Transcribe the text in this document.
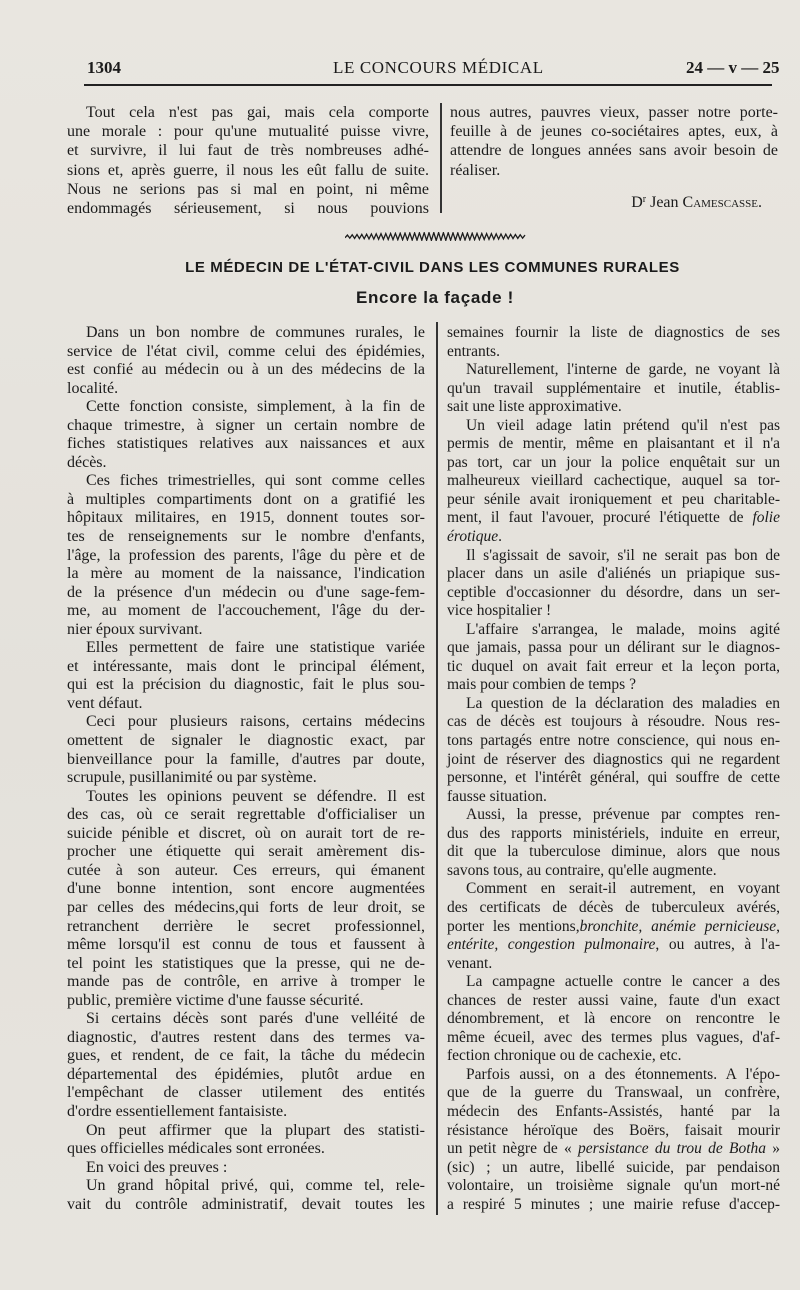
1304	LE CONCOURS MÉDICAL	24 — v — 25
Tout cela n'est pas gai, mais cela comporte
une morale : pour qu'une mutualité puisse vivre,
et survivre, il lui faut de très nombreuses adhé-
sions et, après guerre, il nous les eût fallu de suite.
Nous ne serions pas si mal en point, ni même
endommagés sérieusement, si nous pouvions
nous autres, pauvres vieux, passer notre porte-
feuille à de jeunes co-sociétaires aptes, eux, à
attendre de longues années sans avoir besoin de
réaliser.
$D^r$ Jean Camescasse.
LE MÉDECIN DE L'ÉTAT-CIVIL DANS LES COMMUNES RURALES
Encore la façade !
Dans un bon nombre de communes rurales, le
service de l'état civil, comme celui des épidémies,
est confié au médecin ou à un des médecins de la
localité.
Cette fonction consiste, simplement, à la fin de
chaque trimestre, à signer un certain nombre de
fiches statistiques relatives aux naissances et aux
décès.
Ces fiches trimestrielles, qui sont comme celles
à multiples compartiments dont on a gratifié les
hôpitaux militaires, en 1915, donnent toutes sor-
tes de renseignements sur le nombre d'enfants,
l'âge, la profession des parents, l'âge du père et de
la mère au moment de la naissance, l'indication
de la présence d'un médecin ou d'une sage-fem-
me, au moment de l'accouchement, l'âge du der-
nier époux survivant.
Elles permettent de faire une statistique variée
et intéressante, mais dont le principal élément,
qui est la précision du diagnostic, fait le plus sou-
vent défaut.
Ceci pour plusieurs raisons, certains médecins
omettent de signaler le diagnostic exact, par
bienveillance pour la famille, d'autres par doute,
scrupule, pusillanimité ou par système.
Toutes les opinions peuvent se défendre. Il est
des cas, où ce serait regrettable d'officialiser un
suicide pénible et discret, où on aurait tort de re-
procher une étiquette qui serait amèrement dis-
cutée à son auteur. Ces erreurs, qui émanent
d'une bonne intention, sont encore augmentées
par celles des médecins,qui forts de leur droit, se
retranchent derrière le secret professionnel,
même lorsqu'il est connu de tous et faussent à
tel point les statistiques que la presse, qui ne de-
mande pas de contrôle, en arrive à tromper le
public, première victime d'une fausse sécurité.
Si certains décès sont parés d'une velléité de
diagnostic, d'autres restent dans des termes va-
gues, et rendent, de ce fait, la tâche du médecin
départemental des épidémies, plutôt ardue en
l'empêchant de classer utilement des entités
d'ordre essentiellement fantaisiste.
On peut affirmer que la plupart des statisti-
ques officielles médicales sont erronées.
En voici des preuves :
Un grand hôpital privé, qui, comme tel, rele-
vait du contrôle administratif, devait toutes les
semaines fournir la liste de diagnostics de ses
entrants.
Naturellement, l'interne de garde, ne voyant là
qu'un travail supplémentaire et inutile, établis-
sait une liste approximative.
Un vieil adage latin prétend qu'il n'est pas
permis de mentir, même en plaisantant et il n'a
pas tort, car un jour la police enquêtait sur un
malheureux vieillard cachectique, auquel sa tor-
peur sénile avait ironiquement et peu charitable-
ment, il faut l'avouer, procuré l'étiquette de folie
érotique.
Il s'agissait de savoir, s'il ne serait pas bon de
placer dans un asile d'aliénés un priapique sus-
ceptible d'occasionner du désordre, dans un ser-
vice hospitalier !
L'affaire s'arrangea, le malade, moins agité
que jamais, passa pour un délirant sur le diagnos-
tic duquel on avait fait erreur et la leçon porta,
mais pour combien de temps ?
La question de la déclaration des maladies en
cas de décès est toujours à résoudre. Nous res-
tons partagés entre notre conscience, qui nous en-
joint de réserver des diagnostics qui ne regardent
personne, et l'intérêt général, qui souffre de cette
fausse situation.
Aussi, la presse, prévenue par comptes ren-
dus des rapports ministériels, induite en erreur,
dit que la tuberculose diminue, alors que nous
savons tous, au contraire, qu'elle augmente.
Comment en serait-il autrement, en voyant
des certificats de décès de tuberculeux avérés,
porter les mentions,bronchite, anémie pernicieuse,
entérite, congestion pulmonaire, ou autres, à l'a-
venant.
La campagne actuelle contre le cancer a des
chances de rester aussi vaine, faute d'un exact
dénombrement, et là encore on rencontre le
même écueil, avec des termes plus vagues, d'af-
fection chronique ou de cachexie, etc.
Parfois aussi, on a des étonnements. A l'épo-
que de la guerre du Transwaal, un confrère,
médecin des Enfants-Assistés, hanté par la
résistance héroïque des Boërs, faisait mourir
un petit nègre de « persistance du trou de Botha »
(sic) ; un autre, libellé suicide, par pendaison
volontaire, un troisième signale qu'un mort-né
a respiré 5 minutes ; une mairie refuse d'accep-
